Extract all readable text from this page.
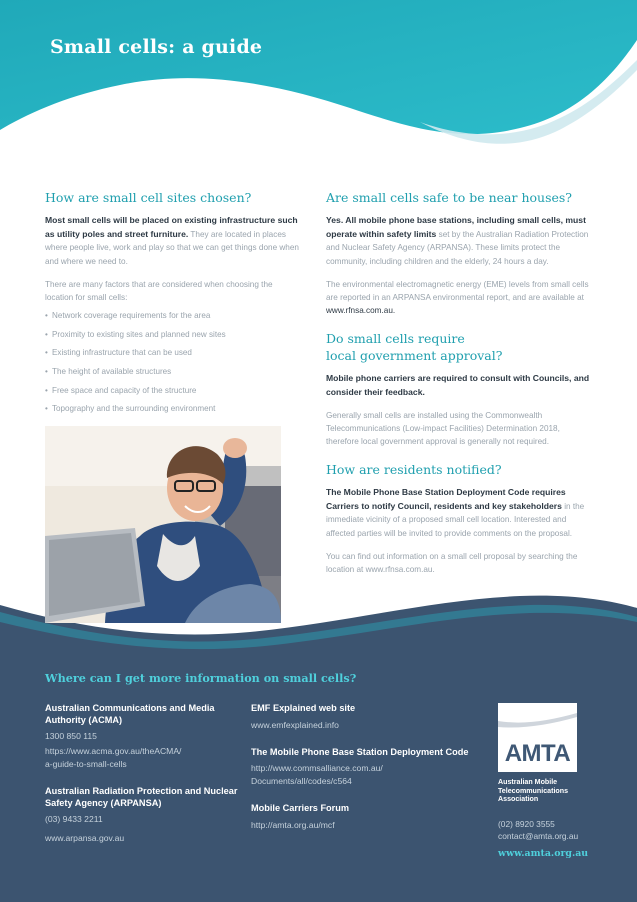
Small cells: a guide
How are small cell sites chosen?
Most small cells will be placed on existing infrastructure such as utility poles and street furniture. They are located in places where people live, work and play so that we can get things done when and where we need to.

There are many factors that are considered when choosing the location for small cells:

• Network coverage requirements for the area
• Proximity to existing sites and planned new sites
• Existing infrastructure that can be used
• The height of available structures
• Free space and capacity of the structure
• Topography and the surrounding environment
Are small cells safe to be near houses?
Yes. All mobile phone base stations, including small cells, must operate within safety limits set by the Australian Radiation Protection and Nuclear Safety Agency (ARPANSA). These limits protect the community, including children and the elderly, 24 hours a day.

The environmental electromagnetic energy (EME) levels from small cells are reported in an ARPANSA environmental report, and are available at www.rfnsa.com.au.

Do small cells require
local government approval?
Mobile phone carriers are required to consult with Councils, and consider their feedback.

Generally small cells are installed using the Commonwealth Telecommunications (Low-impact Facilities) Determination 2018, therefore local government approval is generally not required.

How are residents notified?
The Mobile Phone Base Station Deployment Code requires Carriers to notify Council, residents and key stakeholders in the immediate vicinity of a proposed small cell location. Interested and affected parties will be invited to provide comments on the proposal.

You can find out information on a small cell proposal by searching the location at www.rfnsa.com.au.

Where can I get more information on small cells?
Australian Communications and Media Authority (ACMA)
1300 850 115
https://www.acma.gov.au/theACMA/
a-guide-to-small-cells
Australian Radiation Protection and Nuclear Safety Agency (ARPANSA)
(03) 9433 2211
www.arpansa.gov.au
EMF Explained web site
www.emfexplained.info
The Mobile Phone Base Station Deployment Code
http://www.commsalliance.com.au/
Documents/all/codes/c564
Mobile Carriers Forum
http://amta.org.au/mcf
AMTA
Australian Mobile
Telecommunications
Association
(02) 8920 3555
contact@amta.org.au
www.amta.org.au
